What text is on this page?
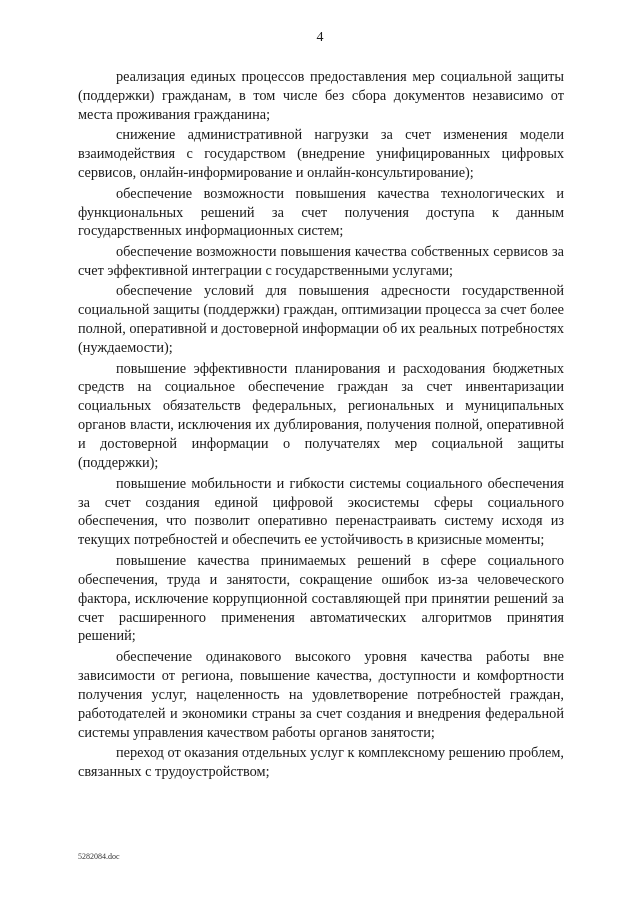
4

реализация единых процессов предоставления мер социальной защиты (поддержки) гражданам, в том числе без сбора документов независимо от места проживания гражданина;

снижение административной нагрузки за счет изменения модели взаимодействия с государством (внедрение унифицированных цифровых сервисов, онлайн-информирование и онлайн-консультирование);

обеспечение возможности повышения качества технологических и функциональных решений за счет получения доступа к данным государственных информационных систем;

обеспечение возможности повышения качества собственных сервисов за счет эффективной интеграции с государственными услугами;

обеспечение условий для повышения адресности государственной социальной защиты (поддержки) граждан, оптимизации процесса за счет более полной, оперативной и достоверной информации об их реальных потребностях (нуждаемости);

повышение эффективности планирования и расходования бюджетных средств на социальное обеспечение граждан за счет инвентаризации социальных обязательств федеральных, региональных и муниципальных органов власти, исключения их дублирования, получения полной, оперативной и достоверной информации о получателях мер социальной защиты (поддержки);

повышение мобильности и гибкости системы социального обеспечения за счет создания единой цифровой экосистемы сферы социального обеспечения, что позволит оперативно перенастраивать систему исходя из текущих потребностей и обеспечить ее устойчивость в кризисные моменты;

повышение качества принимаемых решений в сфере социального обеспечения, труда и занятости, сокращение ошибок из-за человеческого фактора, исключение коррупционной составляющей при принятии решений за счет расширенного применения автоматических алгоритмов принятия решений;

обеспечение одинакового высокого уровня качества работы вне зависимости от региона, повышение качества, доступности и комфортности получения услуг, нацеленность на удовлетворение потребностей граждан, работодателей и экономики страны за счет создания и внедрения федеральной системы управления качеством работы органов занятости;

переход от оказания отдельных услуг к комплексному решению проблем, связанных с трудоустройством;

5282084.doc
